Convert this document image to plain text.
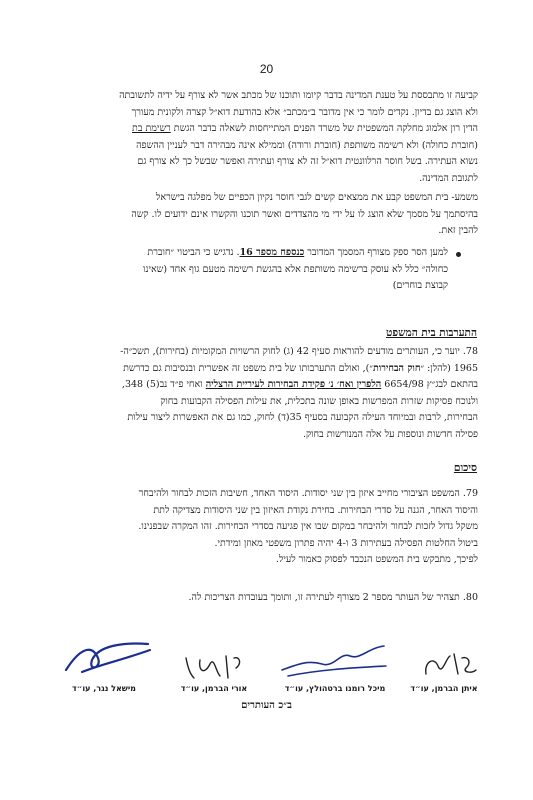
20

קביעה זו מתבססת על טענת המדינה בדבר קיומו ותוכנו של מכתב אשר לא צורף על ידיה לתשובתה

ולא הוצג גם בדיון. נקדים לומר כי אין מדובר ב״מכתב״ אלא בהודעת דוא״ל קצרה ולקונית מעורך

הדין רון אלמוג מחלקה המשפטית של משרד הפנים המתייחסות לשאלה בדבר הגשת רשימת בת

(חוברת כחולה) ולא רשימה משותפת (חוברת ורודה) וממילא אינה מבהירה דבר לעניין ההשפה

נשוא העתירה. בשל חוסר הרלוונטית דוא״ל זה לא צורף ועתירה ואפשר שבשל כך לא צורף גם

לתגובת המדינה.

משמע- בית המשפט קבע את ממצאים קשים לגבי חוסר נקיון הכפיים של מפלגה בישראל

בהיסתמך על מסמך שלא הוצג לו על ידי מי מהצדדים ואשר תוכנו והקשרו אינם ידועים לו. קשה

להבין זאת.

למען הסר ספק מצורף המסמך המדובר כנספח מספר 16. נדגיש כי הביטוי ״חוברת

כחולה״ כלל לא עוסק ברשימה משותפת אלא בהגשת רשימה מטעם גוף אחד (שאינו

קבוצת בוחרים)

התערבות בית המשפט

78. יוער כי, העותרים מודעים להוראות סעיף 42 (ג) לחוק הרשויות המקומיות (בחירות), תשכ״ה-

1965 (להלן: ״חוק הבחירות״), ואולם התערבותו של בית משפט זה אפשרית ובנסיבות גם כדרשת

בהתאם לבג״ץ 6654/98 הלפרין ואח׳ נ׳ פקידת הבחירות לעיריית הרצליה ואחי פ״ד נב(5) 348,

ולנוכח פסיקות שזרות המפרשות באופן שונה בתכלית, את עילות הפסילה הקבועות בחוק

הבחירות, לרבות ובמיוחד העילה הקבועה בסעיף 35(ד) לחוק, כמו גם את האפשרות ליצור עילות

פסילה חדשות ונוספות על אלה המנורשות בחוק.

סיכום

79. המשפט הציבורי מחייב איזון בין שני יסודות. היסוד האחד, חשיבות הזכות לבחור ולהיבחר

והיסוד האחר, הגנה על סדרי הבחירות. בחירת נקודת האיזון בין שני היסודות מצדיקה לתת

משקל גדול לזכות לבחור ולהיבחר במקום שבו אין פגיעה בסדרי הבחירות. זהו המקרה שבפנינו.

ביטול החלטות הפסילה בעתירות 3 ו-4 יהיה פתרון משפטי מאוזן ומידתי.

לפיכך, מתבקש בית המשפט הנכבד לפסוק כאמור לעיל.

80. תצהיר של העותר מספר 2 מצורף לעתירה זו, ותומך בעובדות הצריכות לה.

מישאל נגר, עו״ד	אורי הברמן, עו״ד	מיכל רומנו ברטהולץ, עו״ד	איתן הברמן, עו״ד
ב״כ העותרים
